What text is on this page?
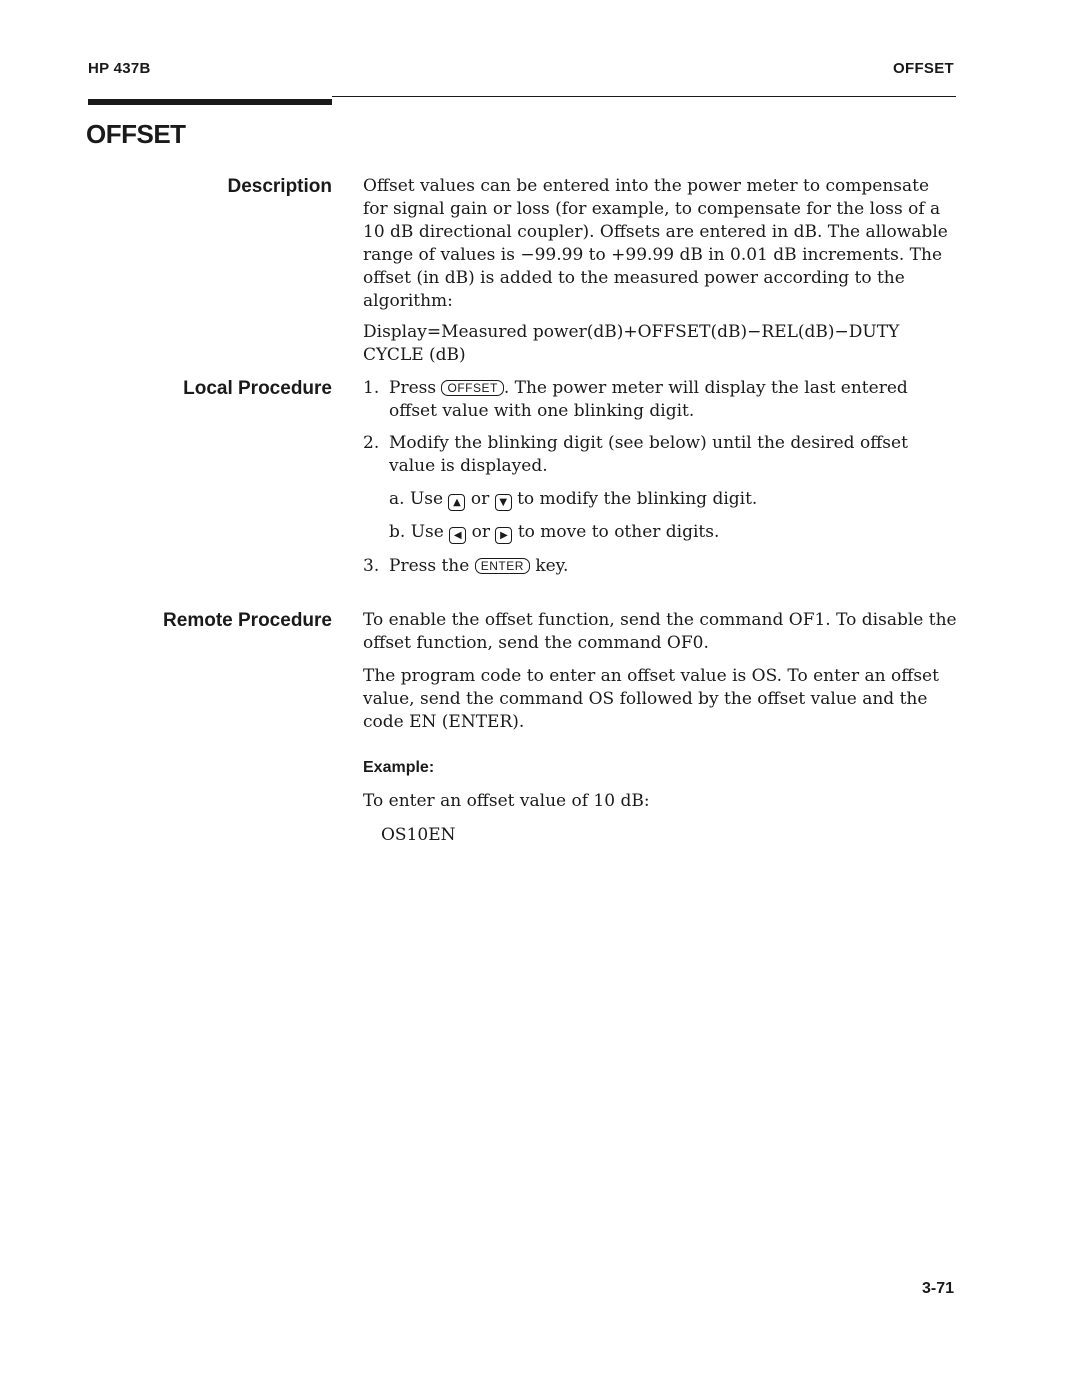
HP 437B	OFFSET
OFFSET
Description Offset values can be entered into the power meter to compensate for signal gain or loss (for example, to compensate for the loss of a 10 dB directional coupler). Offsets are entered in dB. The allowable range of values is −99.99 to +99.99 dB in 0.01 dB increments. The offset (in dB) is added to the measured power according to the algorithm:

Display=Measured power(dB)+OFFSET(dB)−REL(dB)−DUTY CYCLE (dB)

Local Procedure 1. Press OFFSET . The power meter will display the last entered offset value with one blinking digit.
2. Modify the blinking digit (see below) until the desired offset value is displayed.
a. Use ▲ or ▼ to modify the blinking digit.
b. Use ◀ or ▶ to move to other digits.
3. Press the ENTER key.
Remote Procedure To enable the offset function, send the command OF1. To disable the offset function, send the command OF0.

The program code to enter an offset value is OS. To enter an offset value, send the command OS followed by the offset value and the code EN (ENTER).

Example:
To enter an offset value of 10 dB:
OS10EN
3-71
